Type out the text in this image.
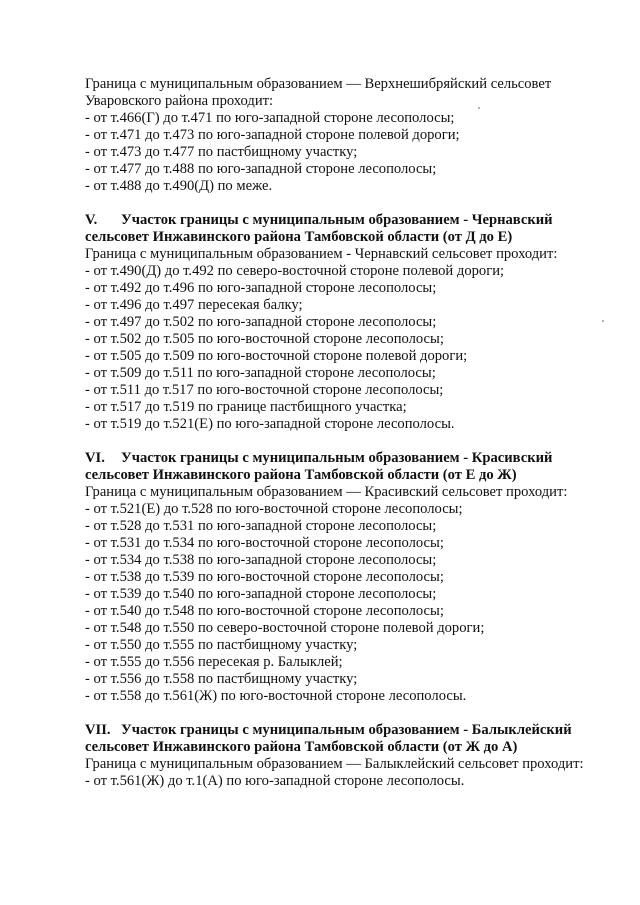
Граница с муниципальным образованием — Верхнешибряйский сельсовет
Уваровского района проходит:
- от т.466(Г) до т.471 по юго-западной стороне лесополосы;
- от т.471 до т.473 по юго-западной стороне полевой дороги;
- от т.473 до т.477 по пастбищному участку;
- от т.477 до т.488 по юго-западной стороне лесополосы;
- от т.488 до т.490(Д) по меже.
V. Участок границы с муниципальным образованием - Чернавский
сельсовет Инжавинского района Тамбовской области (от Д до Е)
Граница с муниципальным образованием - Чернавский сельсовет проходит:
- от т.490(Д) до т.492 по северо-восточной стороне полевой дороги;
- от т.492 до т.496 по юго-западной стороне лесополосы;
- от т.496 до т.497 пересекая балку;
- от т.497 до т.502 по юго-западной стороне лесополосы;
- от т.502 до т.505 по юго-восточной стороне лесополосы;
- от т.505 до т.509 по юго-восточной стороне полевой дороги;
- от т.509 до т.511 по юго-западной стороне лесополосы;
- от т.511 до т.517 по юго-восточной стороне лесополосы;
- от т.517 до т.519 по границе пастбищного участка;
- от т.519 до т.521(Е) по юго-западной стороне лесополосы.
VI. Участок границы с муниципальным образованием - Красивский
сельсовет Инжавинского района Тамбовской области (от Е до Ж)
Граница с муниципальным образованием — Красивский сельсовет проходит:
- от т.521(Е) до т.528 по юго-восточной стороне лесополосы;
- от т.528 до т.531 по юго-западной стороне лесополосы;
- от т.531 до т.534 по юго-восточной стороне лесополосы;
- от т.534 до т.538 по юго-западной стороне лесополосы;
- от т.538 до т.539 по юго-восточной стороне лесополосы;
- от т.539 до т.540 по юго-западной стороне лесополосы;
- от т.540 до т.548 по юго-восточной стороне лесополосы;
- от т.548 до т.550 по северо-восточной стороне полевой дороги;
- от т.550 до т.555 по пастбищному участку;
- от т.555 до т.556 пересекая р. Балыклей;
- от т.556 до т.558 по пастбищному участку;
- от т.558 до т.561(Ж) по юго-восточной стороне лесополосы.
VII. Участок границы с муниципальным образованием - Балыклейский
сельсовет Инжавинского района Тамбовской области (от Ж до А)
Граница с муниципальным образованием — Балыклейский сельсовет проходит:
- от т.561(Ж) до т.1(А) по юго-западной стороне лесополосы.
